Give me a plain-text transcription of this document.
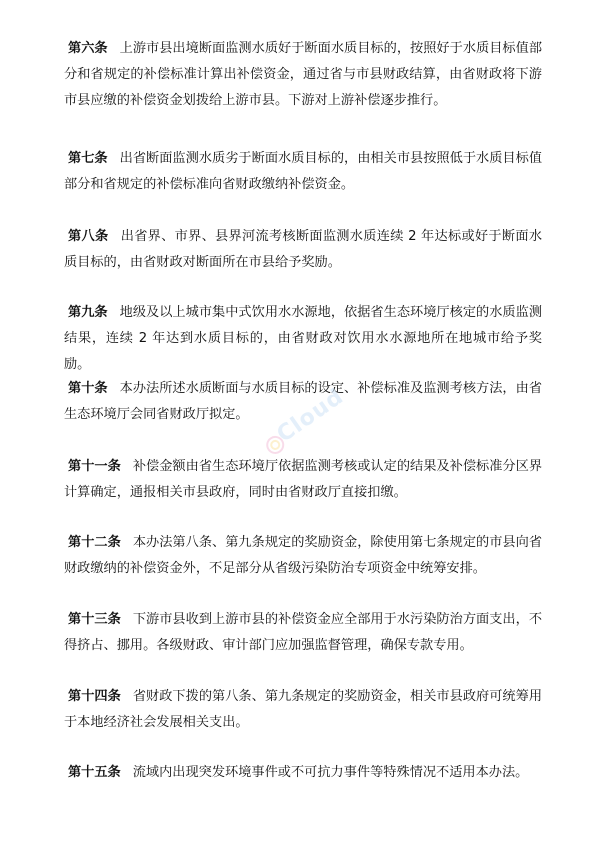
第六条 上游市县出境断面监测水质好于断面水质目标的，按照好于水质目标值部分和省规定的补偿标准计算出补偿资金，通过省与市县财政结算，由省财政将下游市县应缴的补偿资金划拨给上游市县。下游对上游补偿逐步推行。

第七条 出省断面监测水质劣于断面水质目标的，由相关市县按照低于水质目标值部分和省规定的补偿标准向省财政缴纳补偿资金。

第八条 出省界、市界、县界河流考核断面监测水质连续 2 年达标或好于断面水质目标的，由省财政对断面所在市县给予奖励。

第九条 地级及以上城市集中式饮用水水源地，依据省生态环境厅核定的水质监测结果，连续 2 年达到水质目标的，由省财政对饮用水水源地所在地城市给予奖励。

第十条 本办法所述水质断面与水质目标的设定、补偿标准及监测考核方法，由省生态环境厅会同省财政厅拟定。

第十一条 补偿金额由省生态环境厅依据监测考核或认定的结果及补偿标准分区界计算确定，通报相关市县政府，同时由省财政厅直接扣缴。

第十二条 本办法第八条、第九条规定的奖励资金，除使用第七条规定的市县向省财政缴纳的补偿资金外，不足部分从省级污染防治专项资金中统筹安排。

第十三条 下游市县收到上游市县的补偿资金应全部用于水污染防治方面支出，不得挤占、挪用。各级财政、审计部门应加强监督管理，确保专款专用。

第十四条 省财政下拨的第八条、第九条规定的奖励资金，相关市县政府可统筹用于本地经济社会发展相关支出。

第十五条 流域内出现突发环境事件或不可抗力事件等特殊情况不适用本办法。

Cloud
